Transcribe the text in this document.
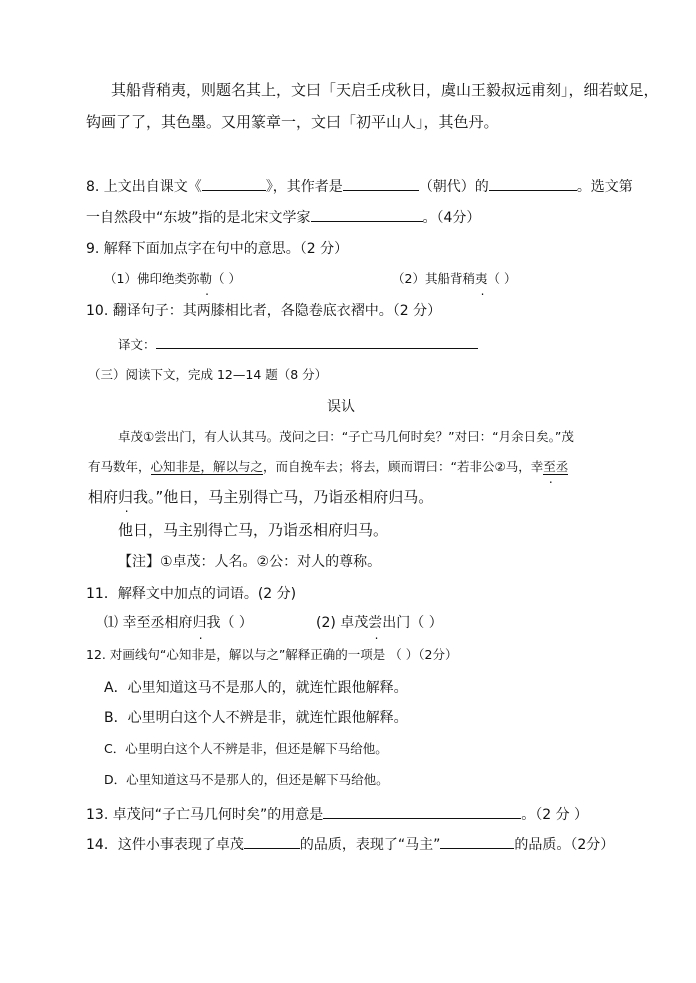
其船背稍夷，则题名其上，文曰「天启壬戌秋日，虞山王毅叔远甫刻」，细若蚊足，
钩画了了，其色墨。又用篆章一，文曰「初平山人」，其色丹。
8. 上文出自课文《	》，其作者是	（朝代）的	。选文第
一自然段中“东坡”指的是北宋文学家	。（4分）
9. 解释下面加点字在句中的意思。（2 分）
（1）佛印绝类弥勒（ ）	（2）其船背稍夷（ ）
10. 翻译句子：其两膝相比者，各隐卷底衣褶中。（2 分）
译文：
（三）阅读下文，完成 12—14 题（8 分）
误认
卓茂①尝出门，有人认其马。茂问之曰：“子亡马几何时矣？”对曰：“月余日矣。”茂
有马数年，心知非是，解以与之，而自挽车去；将去，顾而谓曰：“若非公②马，幸至丞
相府归我。”他日，马主别得亡马，乃诣丞相府归马。
他日，马主别得亡马，乃诣丞相府归马。
【注】①卓茂：人名。②公：对人的尊称。
11．解释文中加点的词语。(2 分)
⑴ 幸至丞相府归我（ ）	(2) 卓茂尝出门（ ）
12. 对画线句“心知非是，解以与之”解释正确的一项是 （ ）（2分）
A．心里知道这马不是那人的，就连忙跟他解释。
B．心里明白这个人不辨是非，就连忙跟他解释。
C．心里明白这个人不辨是非，但还是解下马给他。
D．心里知道这马不是那人的，但还是解下马给他。
13. 卓茂问“子亡马几何时矣”的用意是	。（2 分 ）
14．这件小事表现了卓茂	的品质，表现了“马主”	的品质。（2分）
